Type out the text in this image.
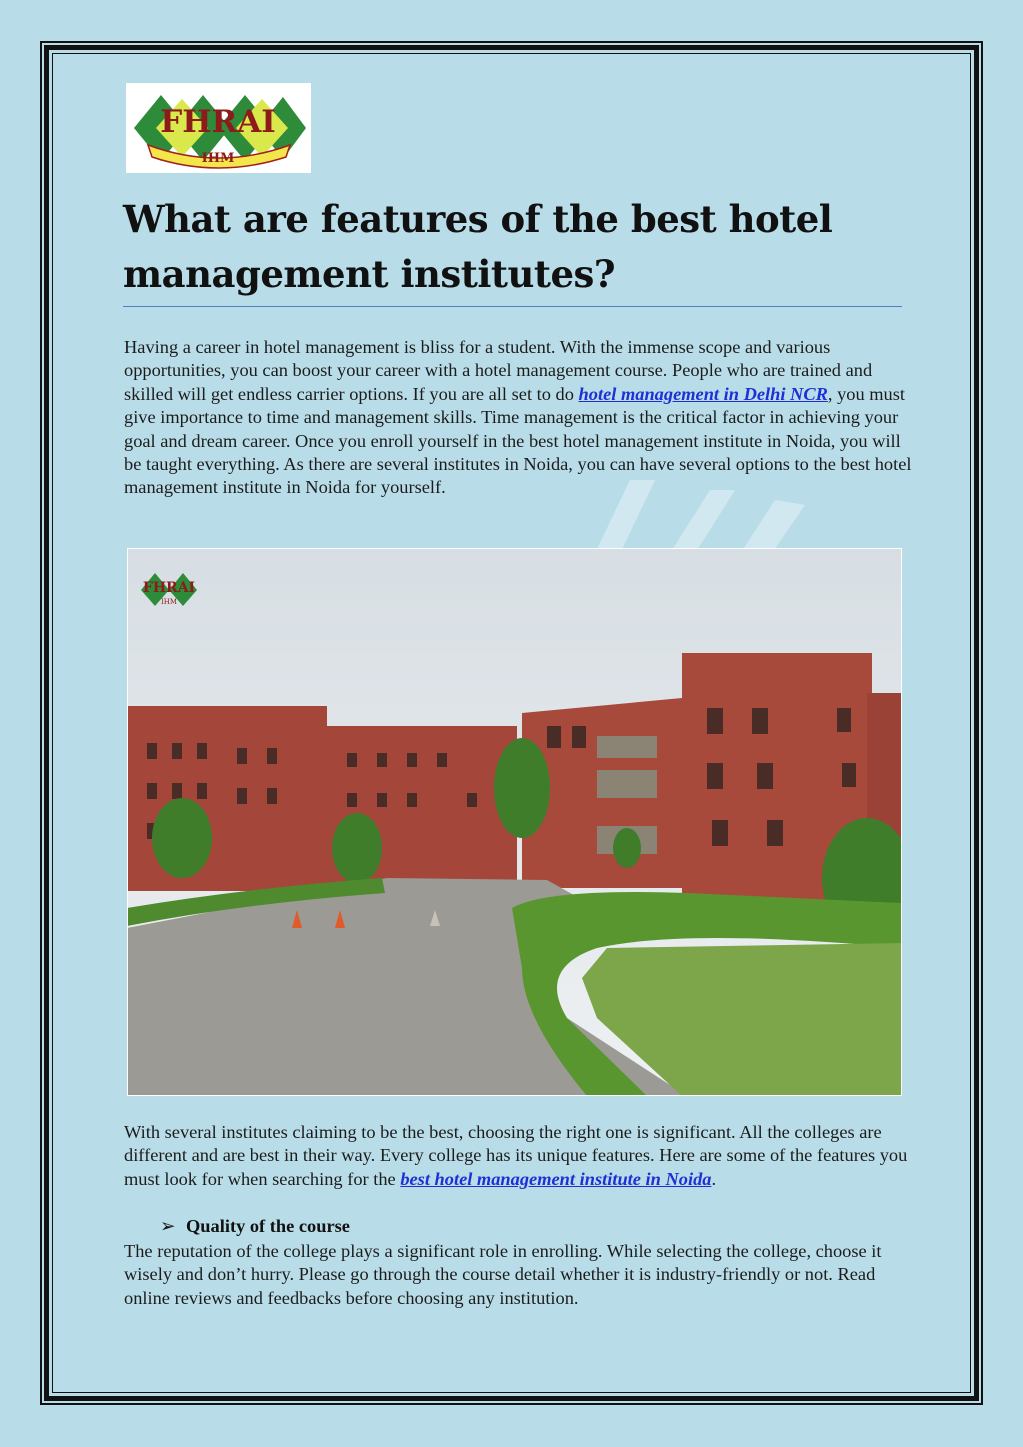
FHRAI
IHM
What are features of the best hotel
management institutes?

Having a career in hotel management is bliss for a student. With the immense scope and various opportunities, you can boost your career with a hotel management course. People who are trained and skilled will get endless carrier options. If you are all set to do hotel management in Delhi NCR, you must give importance to time and management skills. Time management is the critical factor in achieving your goal and dream career. Once you enroll yourself in the best hotel management institute in Noida, you will be taught everything. As there are several institutes in Noida, you can have several options to the best hotel management institute in Noida for yourself.

FHRAI
IHM

With several institutes claiming to be the best, choosing the right one is significant. All the colleges are different and are best in their way. Every college has its unique features. Here are some of the features you must look for when searching for the best hotel management institute in Noida.

➢ Quality of the course

The reputation of the college plays a significant role in enrolling. While selecting the college, choose it wisely and don’t hurry. Please go through the course detail whether it is industry-friendly or not. Read online reviews and feedbacks before choosing any institution.
